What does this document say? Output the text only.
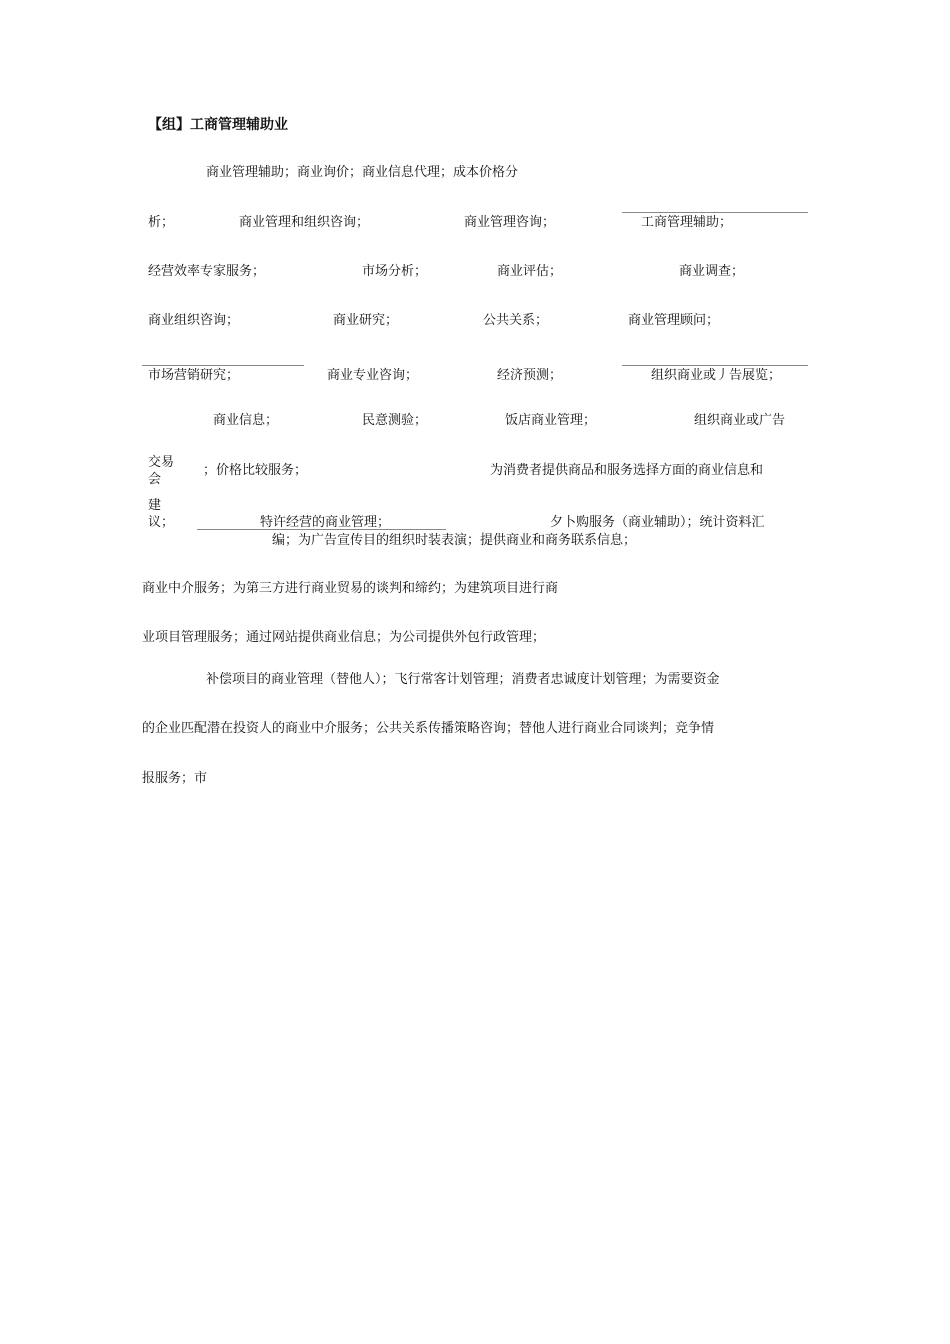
【组】工商管理辅助业
商业管理辅助；商业询价；商业信息代理；成本价格分
析；	商业管理和组织咨询；	商业管理咨询；	工商管理辅助；
经营效率专家服务；	市场分析；	商业评估；	商业调查；
商业组织咨询；	商业研究；	公共关系；	商业管理顾问；
市场营销研究；	商业专业咨询；	经济预测；	组织商业或丿告展览；
商业信息；	民意测验；	饭店商业管理；	组织商业或广告
交易
会
；价格比较服务；	为消费者提供商品和服务选择方面的商业信息和
建
议；	特许经营的商业管理；	夕卜购服务（商业辅助）；统计资料汇
编；为广告宣传目的组织时装表演；提供商业和商务联系信息；
商业中介服务；为第三方进行商业贸易的谈判和缔约；为建筑项目进行商
业项目管理服务；通过网站提供商业信息；为公司提供外包行政管理；
补偿项目的商业管理（替他人）；飞行常客计划管理；消费者忠诚度计划管理；为需要资金
的企业匹配潜在投资人的商业中介服务；公共关系传播策略咨询；替他人进行商业合同谈判；竞争情
报服务；市
